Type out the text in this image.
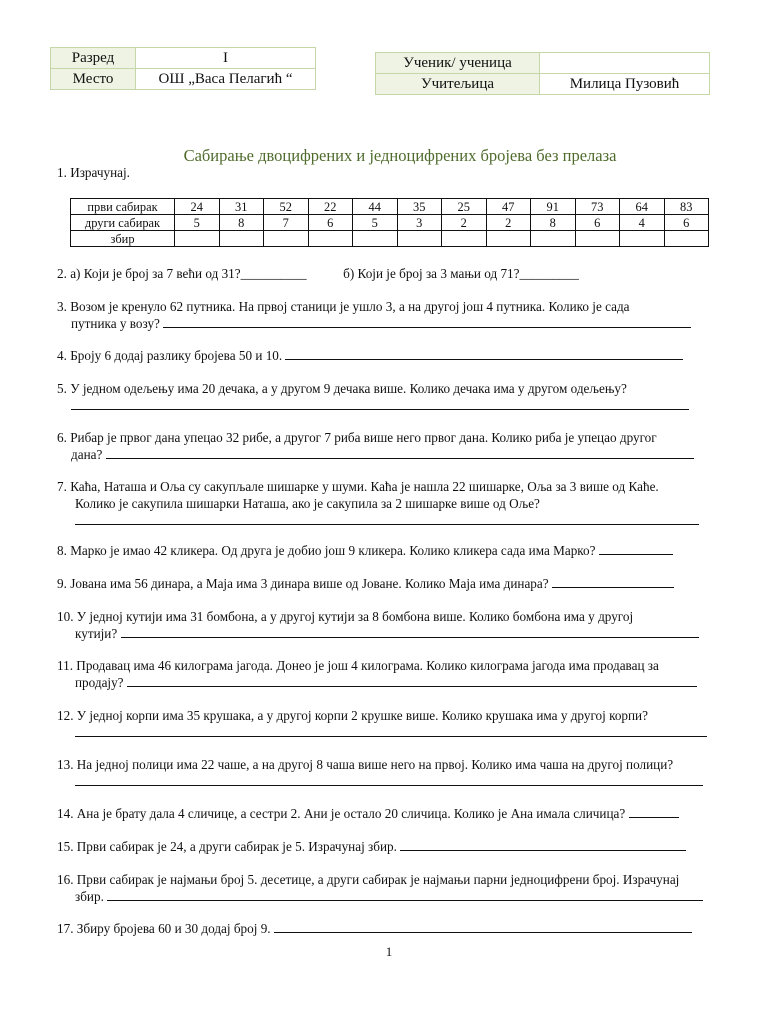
Разред	I
Место	ОШ „Васа Пелагић “
Ученик/ ученица	
Учитељица	Милица Пузовић
Сабирање двоцифрених и једноцифрених бројева без прелаза
1. Израчунај.
први сабирак	24	31	52	22	44	35	25	47	91	73	64	83
други сабирак	5	8	7	6	5	3	2	2	8	6	4	6
збир												
2. а) Који је број за 7 већи од 31?__________	б) Који је број за 3 мањи од 71?_________
3. Возом је кренуло 62 путника. На првој станици је ушло 3, а на другој још 4 путника. Колико је сада
путника у возу?
4. Броју 6 додај разлику бројева 50 и 10.
5. У једном одељењу има 20 дечака, а у другом 9 дечака више. Колико дечака има у другом одељењу?
6. Рибар је првог дана упецао 32 рибе, а другог 7 риба више него првог дана. Колико риба је упецао другог
дана?
7. Каћа, Наташа и Оља су сакупљале шишарке у шуми. Каћа је нашла 22 шишарке, Оља за 3 више од Каће.
Колико је сакупила шишарки Наташа, ако је сакупила за 2 шишарке више од Оље?
8. Марко је имао 42 кликера. Од друга је добио још 9 кликера. Колико кликера сада има Марко?
9. Јована има 56 динара, а Маја има 3 динара више од Јоване. Колико Маја има динара?
10. У једној кутији има 31 бомбона, а у другој кутији за 8 бомбона више. Колико бомбона има у другој
кутији?
11. Продавац има 46 килограма јагода. Донео је још 4 килограма. Колико килограма јагода има продавац за
продају?
12. У једној корпи има 35 крушака, а у другој корпи 2 крушке више. Колико крушака има у другој корпи?
13. На једној полици има 22 чаше, а на другој 8 чаша више него на првој. Колико има чаша на другој полици?
14. Ана је брату дала 4 сличице, а сестри 2. Ани је остало 20 сличица. Колико је Ана имала сличица?
15. Први сабирак је 24, а други сабирак је 5. Израчунај збир.
16. Први сабирак је најмањи број 5. десетице, а други сабирак је најмањи парни једноцифрени број. Израчунај
збир.
17. Збиру бројева 60 и 30 додај број 9.
1
